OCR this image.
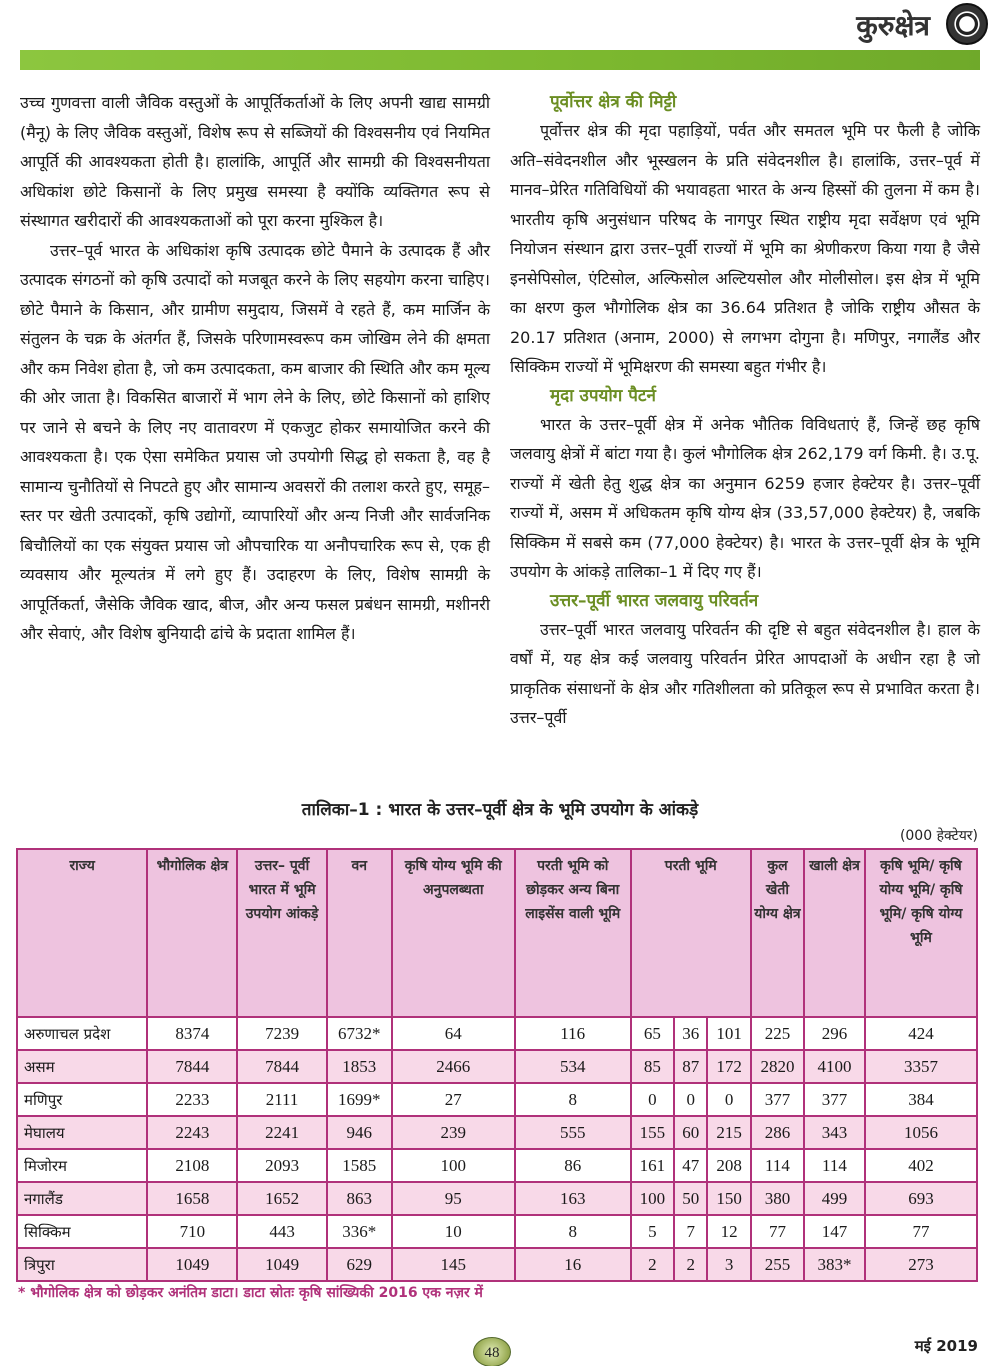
कुरुक्षेत्र

उच्च गुणवत्ता वाली जैविक वस्तुओं के आपूर्तिकर्ताओं के लिए अपनी खाद्य सामग्री (मैनू) के लिए जैविक वस्तुओं, विशेष रूप से सब्जियों की विश्वसनीय एवं नियमित आपूर्ति की आवश्यकता होती है। हालांकि, आपूर्ति और सामग्री की विश्वसनीयता अधिकांश छोटे किसानों के लिए प्रमुख समस्या है क्योंकि व्यक्तिगत रूप से संस्थागत खरीदारों की आवश्यकताओं को पूरा करना मुश्किल है।

उत्तर–पूर्व भारत के अधिकांश कृषि उत्पादक छोटे पैमाने के उत्पादक हैं और उत्पादक संगठनों को कृषि उत्पादों को मजबूत करने के लिए सहयोग करना चाहिए। छोटे पैमाने के किसान, और ग्रामीण समुदाय, जिसमें वे रहते हैं, कम मार्जिन के संतुलन के चक्र के अंतर्गत हैं, जिसके परिणामस्वरूप कम जोखिम लेने की क्षमता और कम निवेश होता है, जो कम उत्पादकता, कम बाजार की स्थिति और कम मूल्य की ओर जाता है। विकसित बाजारों में भाग लेने के लिए, छोटे किसानों को हाशिए पर जाने से बचने के लिए नए वातावरण में एकजुट होकर समायोजित करने की आवश्यकता है। एक ऐसा समेकित प्रयास जो उपयोगी सिद्ध हो सकता है, वह है सामान्य चुनौतियों से निपटते हुए और सामान्य अवसरों की तलाश करते हुए, समूह–स्तर पर खेती उत्पादकों, कृषि उद्योगों, व्यापारियों और अन्य निजी और सार्वजनिक बिचौलियों का एक संयुक्त प्रयास जो औपचारिक या अनौपचारिक रूप से, एक ही व्यवसाय और मूल्यतंत्र में लगे हुए हैं। उदाहरण के लिए, विशेष सामग्री के आपूर्तिकर्ता, जैसेकि जैविक खाद, बीज, और अन्य फसल प्रबंधन सामग्री, मशीनरी और सेवाएं, और विशेष बुनियादी ढांचे के प्रदाता शामिल हैं।

पूर्वोत्तर क्षेत्र की मिट्टी

पूर्वोत्तर क्षेत्र की मृदा पहाड़ियों, पर्वत और समतल भूमि पर फैली है जोकि अति–संवेदनशील और भूस्खलन के प्रति संवेदनशील है। हालांकि, उत्तर–पूर्व में मानव–प्रेरित गतिविधियों की भयावहता भारत के अन्य हिस्सों की तुलना में कम है। भारतीय कृषि अनुसंधान परिषद के नागपुर स्थित राष्ट्रीय मृदा सर्वेक्षण एवं भूमि नियोजन संस्थान द्वारा उत्तर–पूर्वी राज्यों में भूमि का श्रेणीकरण किया गया है जैसे इनसेपिसोल, एंटिसोल, अल्फिसोल अल्टियसोल और मोलीसोल। इस क्षेत्र में भूमि का क्षरण कुल भौगोलिक क्षेत्र का 36.64 प्रतिशत है जोकि राष्ट्रीय औसत के 20.17 प्रतिशत (अनाम, 2000) से लगभग दोगुना है। मणिपुर, नगालैंड और सिक्किम राज्यों में भूमिक्षरण की समस्या बहुत गंभीर है।

मृदा उपयोग पैटर्न

भारत के उत्तर–पूर्वी क्षेत्र में अनेक भौतिक विविधताएं हैं, जिन्हें छह कृषि जलवायु क्षेत्रों में बांटा गया है। कुलं भौगोलिक क्षेत्र 262,179 वर्ग किमी. है। उ.पू. राज्यों में खेती हेतु शुद्ध क्षेत्र का अनुमान 6259 हजार हेक्टेयर है। उत्तर–पूर्वी राज्यों में, असम में अधिकतम कृषि योग्य क्षेत्र (33,57,000 हेक्टेयर) है, जबकि सिक्किम में सबसे कम (77,000 हेक्टेयर) है। भारत के उत्तर–पूर्वी क्षेत्र के भूमि उपयोग के आंकड़े तालिका–1 में दिए गए हैं।

उत्तर–पूर्वी भारत जलवायु परिवर्तन

उत्तर–पूर्वी भारत जलवायु परिवर्तन की दृष्टि से बहुत संवेदनशील है। हाल के वर्षों में, यह क्षेत्र कई जलवायु परिवर्तन प्रेरित आपदाओं के अधीन रहा है जो प्राकृतिक संसाधनों के क्षेत्र और गतिशीलता को प्रतिकूल रूप से प्रभावित करता है। उत्तर–पूर्वी

तालिका–1 : भारत के उत्तर–पूर्वी क्षेत्र के भूमि उपयोग के आंकड़े
(000 हेक्टेयर)
राज्य	भौगोलिक क्षेत्र	उत्तर– पूर्वी भारत में भूमि उपयोग आंकड़े	वन	कृषि योग्य भूमि की अनुपलब्धता	परती भूमि को छोड़कर अन्य बिना लाइसेंस वाली भूमि	परती भूमि			कुल खेती योग्य क्षेत्र	खाली क्षेत्र	कृषि भूमि/ कृषि योग्य भूमि/ कृषि भूमि/ कृषि योग्य भूमि
अरुणाचल प्रदेश	8374	7239	6732*	64	116	65	36	101	225	296	424
असम	7844	7844	1853	2466	534	85	87	172	2820	4100	3357
मणिपुर	2233	2111	1699*	27	8	0	0	0	377	377	384
मेघालय	2243	2241	946	239	555	155	60	215	286	343	1056
मिजोरम	2108	2093	1585	100	86	161	47	208	114	114	402
नगालैंड	1658	1652	863	95	163	100	50	150	380	499	693
सिक्किम	710	443	336*	10	8	5	7	12	77	147	77
त्रिपुरा	1049	1049	629	145	16	2	2	3	255	383*	273
* भौगोलिक क्षेत्र को छोड़कर अनंतिम डाटा। डाटा स्रोतः कृषि सांख्यिकी 2016 एक नज़र में
48	मई 2019
